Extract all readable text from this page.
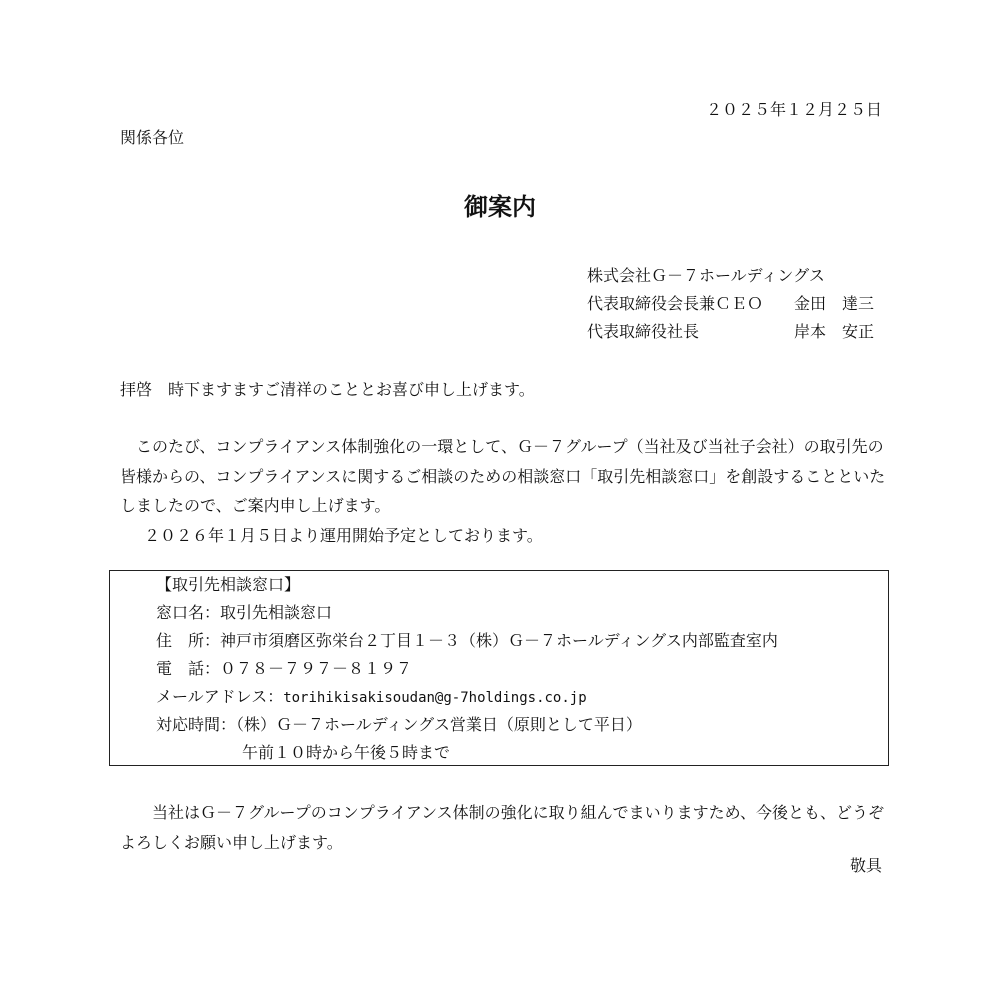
２０２５年１２月２５日
関係各位
御案内
株式会社Ｇ－７ホールディングス
代表取締役会長兼ＣＥＯ 金田　達三
代表取締役社長	岸本　安正
拝啓　時下ますますご清祥のこととお喜び申し上げます。

このたび、コンプライアンス体制強化の一環として、Ｇ－７グループ（当社及び当社子会社）の取引先の皆様からの、コンプライアンスに関するご相談のための相談窓口「取引先相談窓口」を創設することといたしましたので、ご案内申し上げます。

２０２６年１月５日より運用開始予定としております。

【取引先相談窓口】
窓口名：取引先相談窓口
住　所：神戸市須磨区弥栄台２丁目１－３（株）Ｇ－７ホールディングス内部監査室内
電　話：０７８－７９７－８１９７
メールアドレス：torihikisakisoudan@g-7holdings.co.jp
対応時間：（株）Ｇ－７ホールディングス営業日（原則として平日）
午前１０時から午後５時まで

当社はＧ－７グループのコンプライアンス体制の強化に取り組んでまいりますため、今後とも、どうぞよろしくお願い申し上げます。

敬具
